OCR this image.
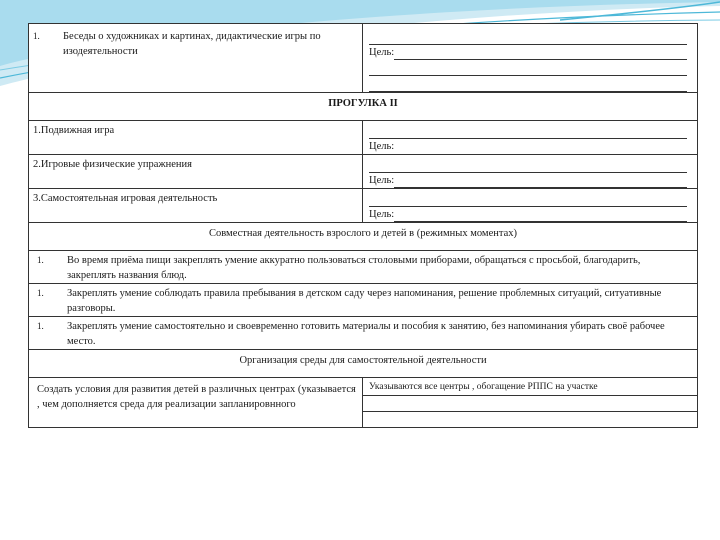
1. Беседы о художниках и картинах, дидактические игры по изодеятельности	Цель:

ПРОГУЛКА II	
1.Подвижная игра	Цель:

2.Игровые физические упражнения	Цель:

3.Самостоятельная игровая деятельность	Цель:

Совместная деятельность взрослого и детей в (режимных моментах)	

1. Во время приёма пищи закреплять умение аккуратно пользоваться столовыми приборами, обращаться с просьбой, благодарить, закреплять названия блюд.	

1. Закреплять умение соблюдать правила пребывания в детском саду через напоминания, решение проблемных ситуаций, ситуативные разговоры.	

1. Закреплять умение самостоятельно и своевременно готовить материалы и пособия к занятию, без напоминания убирать своё рабочее место.	

Организация среды для самостоятельной деятельности	
Создать условия для развития детей в различных центрах (указывается , чем дополняется среда для реализации запланировнного	Указываются все центры , обогащение РППС на участке
